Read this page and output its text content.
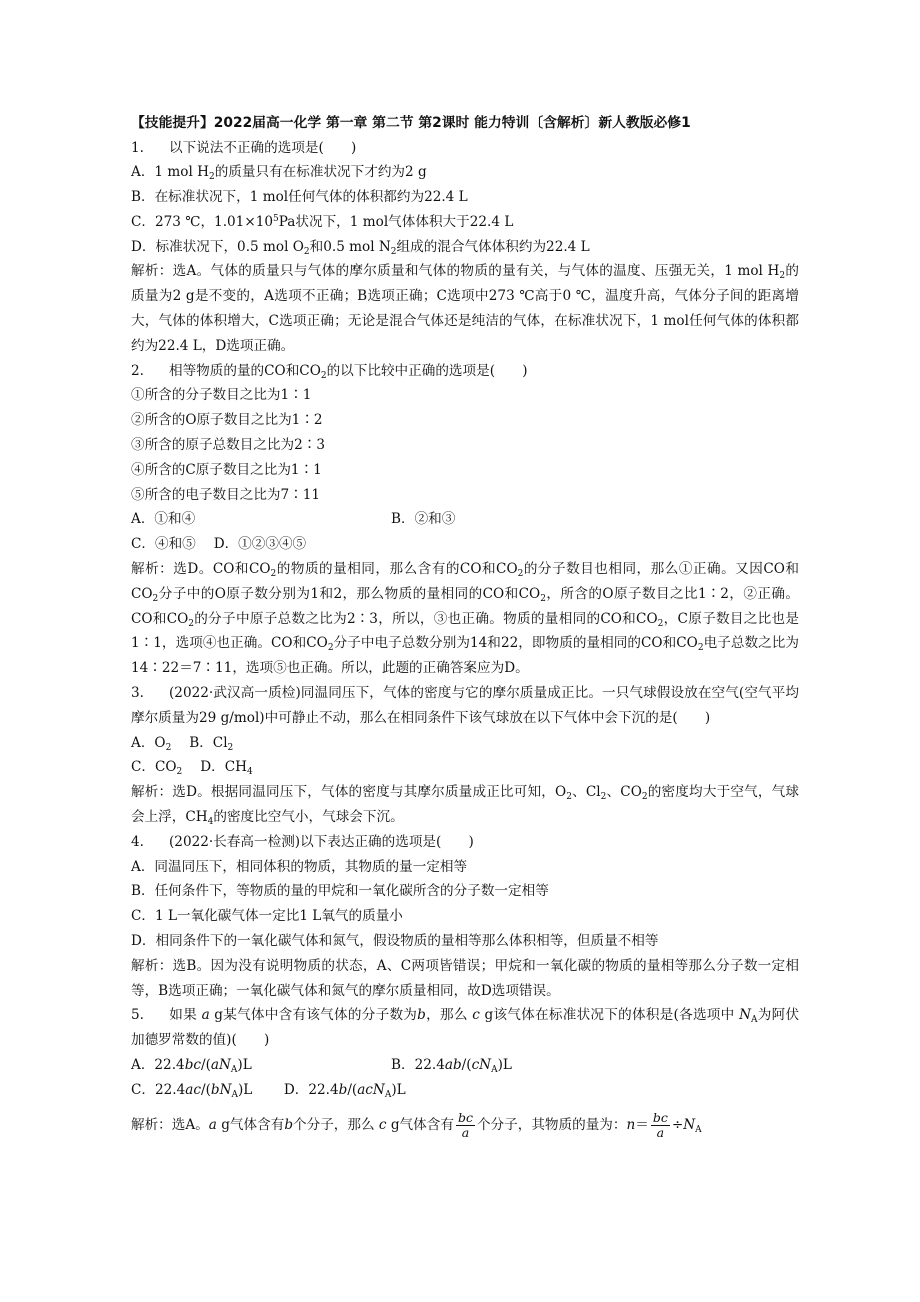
【技能提升】2022届高一化学 第一章 第二节 第2课时 能力特训〔含解析〕新人教版必修1
1. 以下说法不正确的选项是(　　)
A．1 mol $H_2$的质量只有在标准状况下才约为2 g
B．在标准状况下，1 mol任何气体的体积都约为22.4 L
C．273 ℃，$1.01\times 10^5Pa$状况下，1 mol气体体积大于22.4 L
D．标准状况下，0.5 mol $O_2$和0.5 mol $N_2$组成的混合气体体积约为22.4 L
解析：选A。气体的质量只与气体的摩尔质量和气体的物质的量有关，与气体的温度、压强无关，1 mol $H_2$的质量为2 g是不变的，A选项不正确；B选项正确；C选项中273 ℃高于0 ℃，温度升高，气体分子间的距离增大，气体的体积增大，C选项正确；无论是混合气体还是纯洁的气体，在标准状况下，1 mol任何气体的体积都约为22.4 L，D选项正确。
2. 相等物质的量的CO和$CO_2$的以下比较中正确的选项是(　　)
①所含的分子数目之比为1∶1
②所含的O原子数目之比为1∶2
③所含的原子总数目之比为2∶3
④所含的C原子数目之比为1∶1
⑤所含的电子数目之比为7∶11
A．①和④	B．②和③
C．④和⑤　 D．①②③④⑤
解析：选D。CO和$CO_2$的物质的量相同，那么含有的CO和$CO_2$的分子数目也相同，那么①正确。又因CO和$CO_2$分子中的O原子数分别为1和2，那么物质的量相同的CO和$CO_2$，所含的O原子数目之比1∶2，②正确。CO和$CO_2$的分子中原子总数之比为2∶3，所以，③也正确。物质的量相同的CO和$CO_2$，C原子数目之比也是1∶1，选项④也正确。CO和$CO_2$分子中电子总数分别为14和22，即物质的量相同的CO和$CO_2$电子总数之比为14∶22＝7∶11，选项⑤也正确。所以，此题的正确答案应为D。
3. (2022·武汉高一质检)同温同压下，气体的密度与它的摩尔质量成正比。一只气球假设放在空气(空气平均摩尔质量为29 g/mol)中可静止不动，那么在相同条件下该气球放在以下气体中会下沉的是(　　)
A．$O_2$　 B．$Cl_2$
C．$CO_2$　 D．$CH_4$
解析：选D。根据同温同压下，气体的密度与其摩尔质量成正比可知，$O_2$、$Cl_2$、$CO_2$的密度均大于空气，气球会上浮，$CH_4$的密度比空气小，气球会下沉。
4. (2022·长春高一检测)以下表达正确的选项是(　　)
A．同温同压下，相同体积的物质，其物质的量一定相等
B．任何条件下，等物质的量的甲烷和一氧化碳所含的分子数一定相等
C．1 L一氧化碳气体一定比1 L氧气的质量小
D．相同条件下的一氧化碳气体和氮气，假设物质的量相等那么体积相等，但质量不相等
解析：选B。因为没有说明物质的状态，A、C两项皆错误；甲烷和一氧化碳的物质的量相等那么分子数一定相等，B选项正确；一氧化碳气体和氮气的摩尔质量相同，故D选项错误。
5. 如果 a g某气体中含有该气体的分子数为b，那么 c g该气体在标准状况下的体积是(各选项中 $N_A$为阿伏加德罗常数的值)(　　)
A．$22.4bc/(aN_A)L$	B．$22.4ab/(cN_A)L$
C．$22.4ac/(bN_A)L$　　 D．22.4b/(acN$_A$)L
解析：选A。a g气体含有b个分子，那么 c g气体含有 $\frac{bc}{a}$ 个分子，其物质的量为：$n= \frac{bc}{a} \div N_A$
